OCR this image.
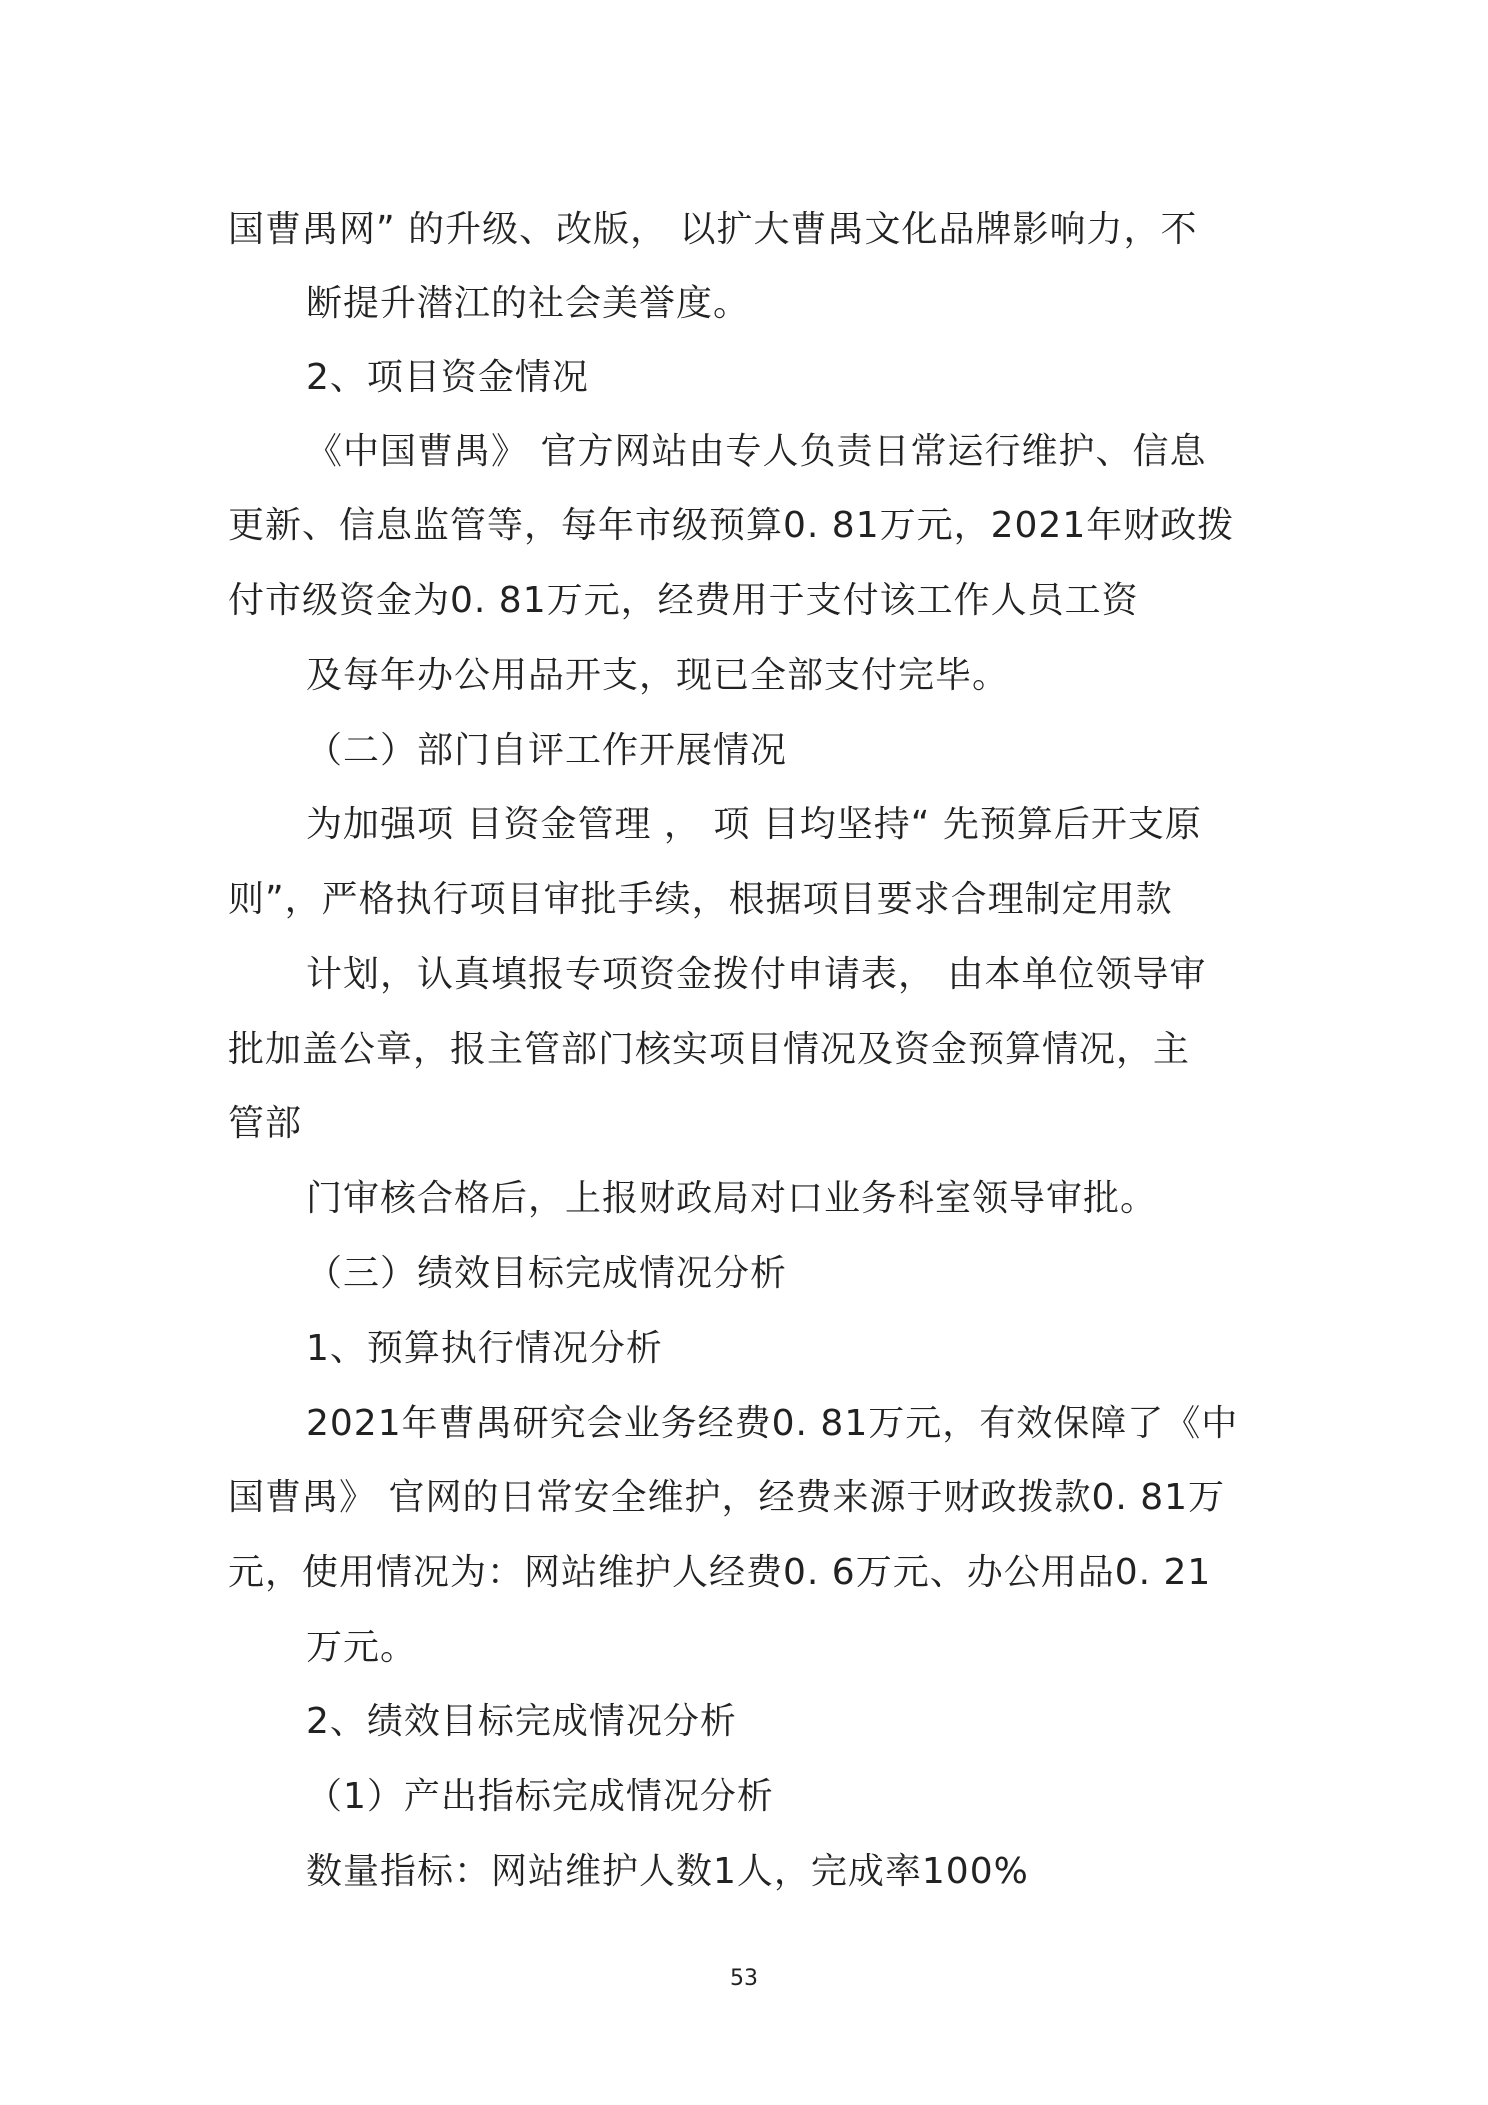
国曹禺网” 的升级、改版， 以扩大曹禺文化品牌影响力，不
断提升潜江的社会美誉度。
2、项目资金情况
《中国曹禺》 官方网站由专人负责日常运行维护、信息
更新、信息监管等，每年市级预算0. 81万元，2021年财政拨
付市级资金为0. 81万元，经费用于支付该工作人员工资
及每年办公用品开支，现已全部支付完毕。
（二）部门自评工作开展情况
为加强项 目资金管理 ， 项 目均坚持“ 先预算后开支原
则”，严格执行项目审批手续，根据项目要求合理制定用款
计划，认真填报专项资金拨付申请表， 由本单位领导审
批加盖公章，报主管部门核实项目情况及资金预算情况，主
管部
门审核合格后，上报财政局对口业务科室领导审批。
（三）绩效目标完成情况分析
1、预算执行情况分析
2021年曹禺研究会业务经费0. 81万元，有效保障了《中
国曹禺》 官网的日常安全维护，经费来源于财政拨款0. 81万
元，使用情况为：网站维护人经费0. 6万元、办公用品0. 21
万元。
2、绩效目标完成情况分析
（1）产出指标完成情况分析
数量指标：网站维护人数1人，完成率100%
53
